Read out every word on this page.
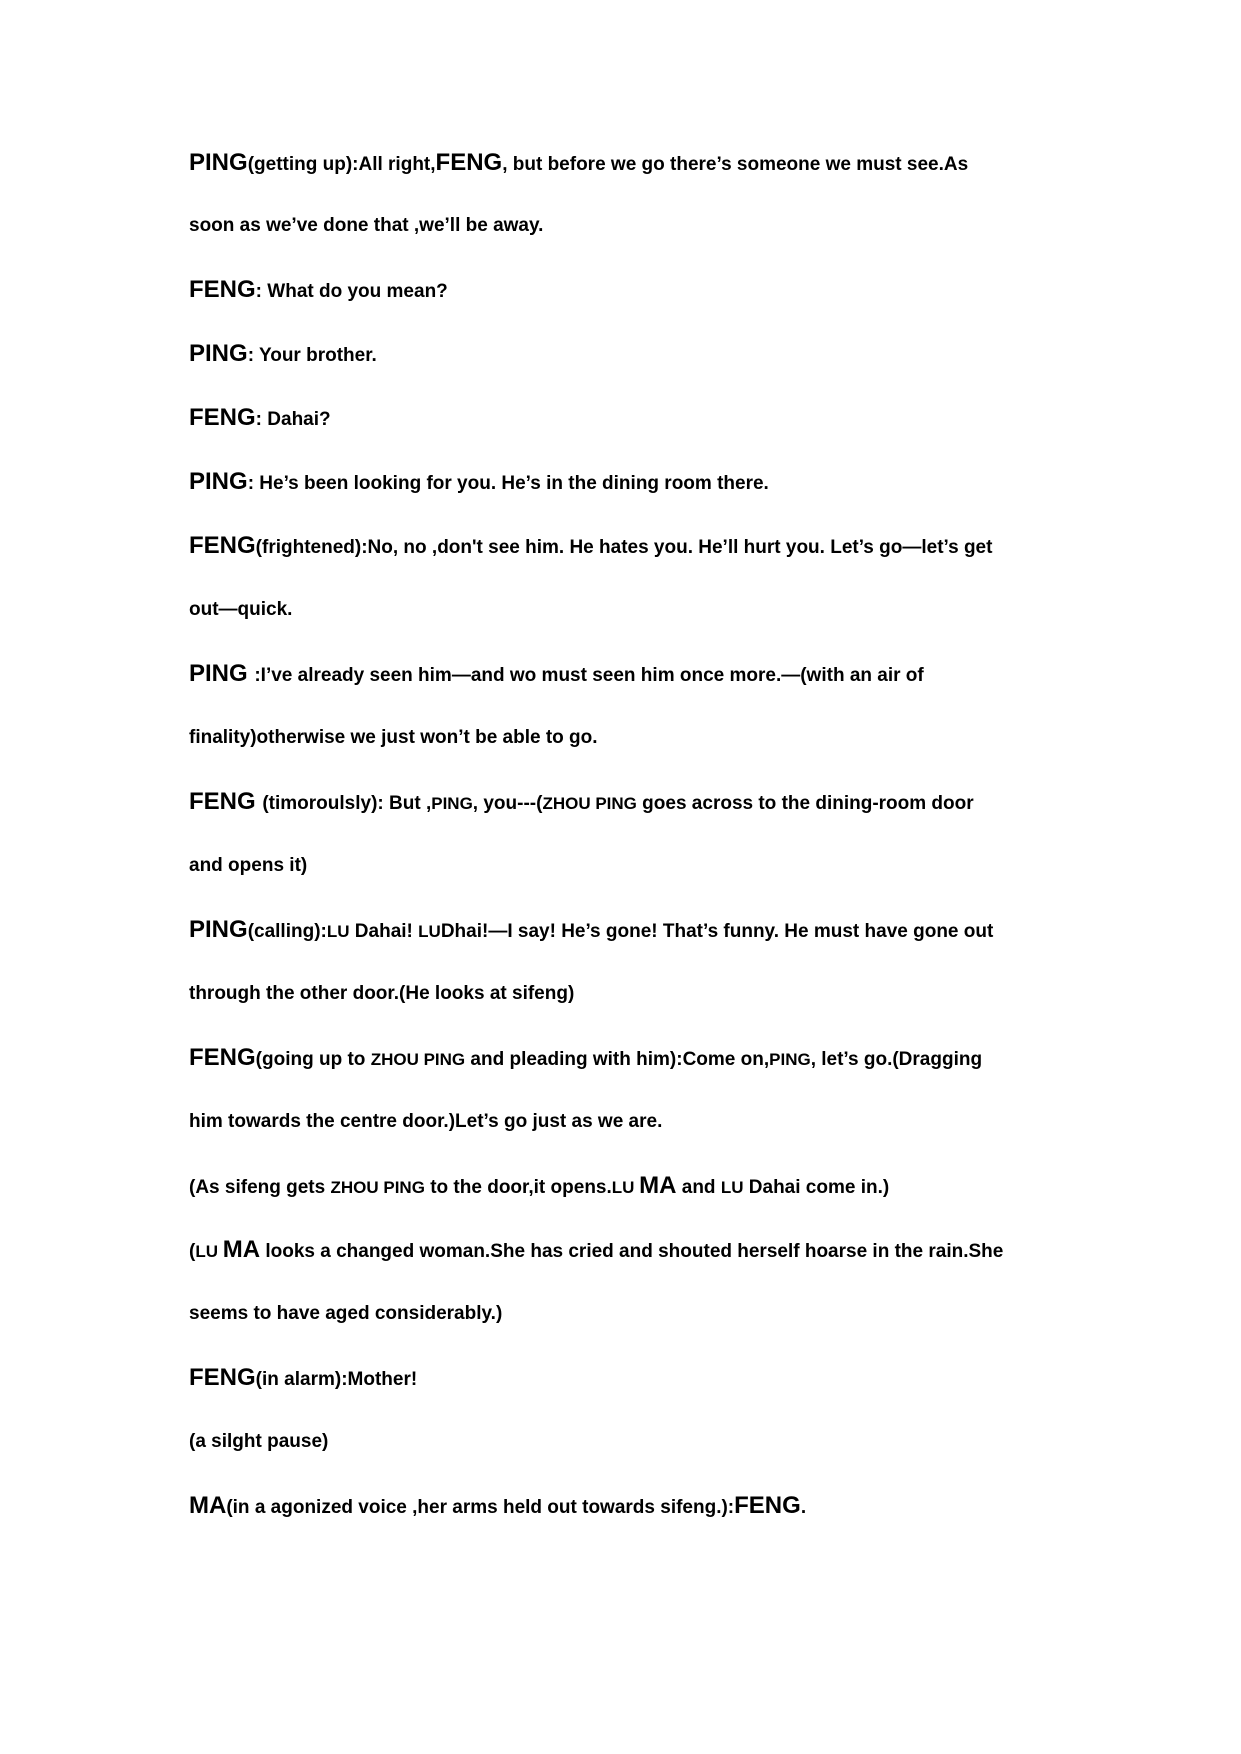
PING(getting up):All right,FENG, but before we go there’s someone we must see.As
soon as we’ve done that ,we’ll be away.
FENG: What do you mean?
PING: Your brother.
FENG: Dahai?
PING: He’s been looking for you. He’s in the dining room there.
FENG(frightened):No, no ,don't see him. He hates you. He’ll hurt you. Let’s go—let’s get
out—quick.
PING :I’ve already seen him—and wo must seen him once more.—(with an air of
finality)otherwise we just won’t be able to go.
FENG (timoroulsly): But ,PING, you---(ZHOU PING goes across to the dining-room door
and opens it)
PING(calling):LU Dahai! LUDhai!—I say! He’s gone! That’s funny. He must have gone out
through the other door.(He looks at sifeng)
FENG(going up to ZHOU PING and pleading with him):Come on,PING, let’s go.(Dragging
him towards the centre door.)Let’s go just as we are.
(As sifeng gets ZHOU PING to the door,it opens.LU MA and LU Dahai come in.)
(LU MA looks a changed woman.She has cried and shouted herself hoarse in the rain.She
seems to have aged considerably.)
FENG(in alarm):Mother!
(a silght pause)
MA(in a agonized voice ,her arms held out towards sifeng.):FENG.
